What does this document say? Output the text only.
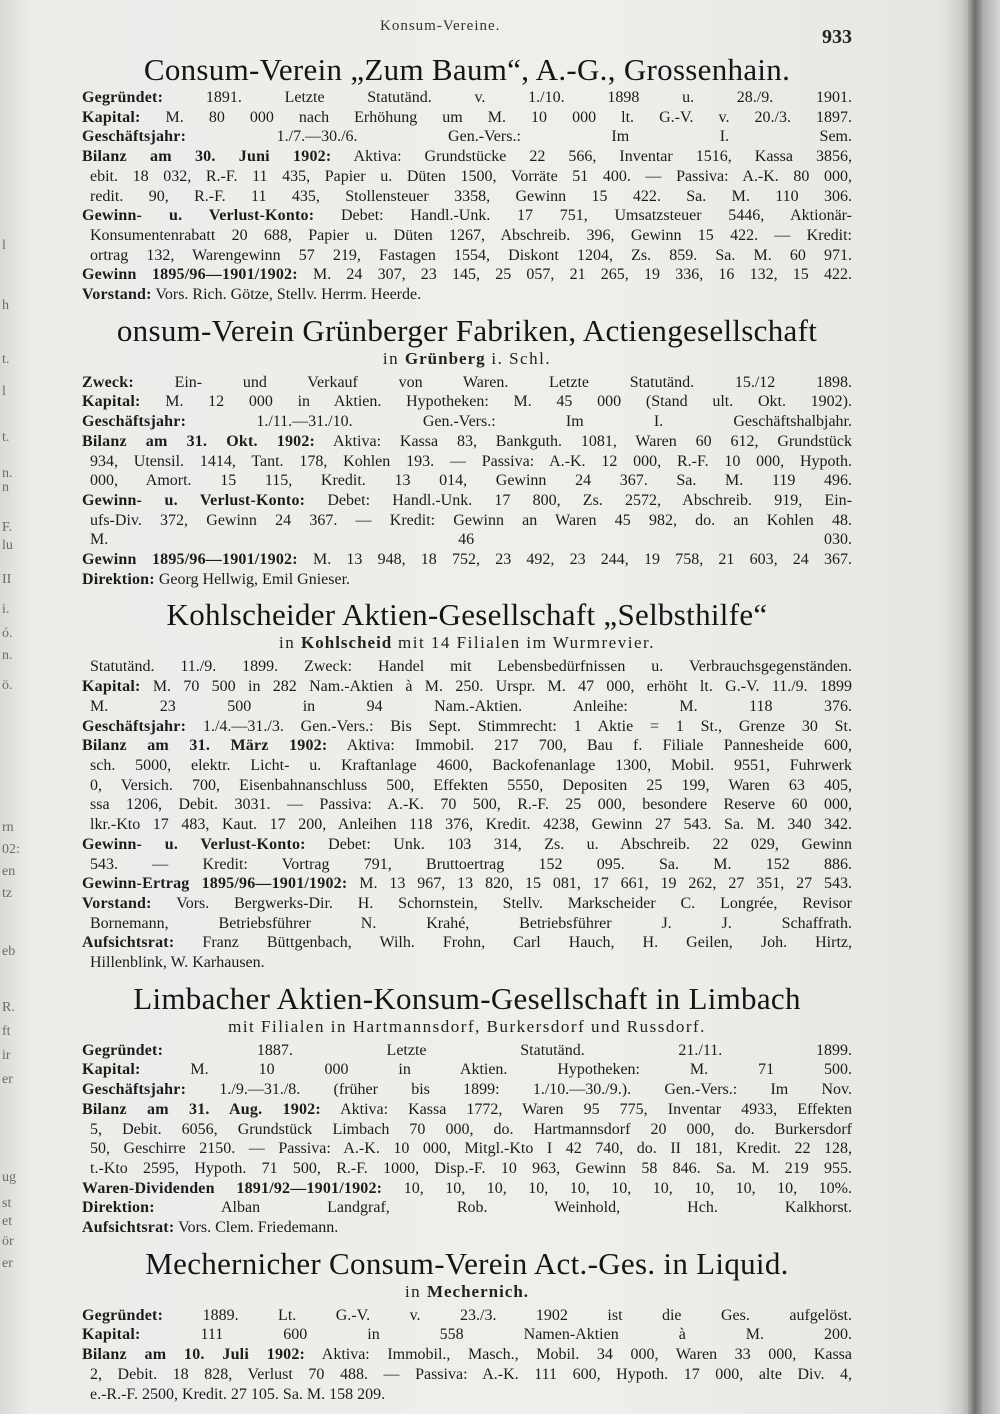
Konsum-Vereine.	933
l
h
t.
l
t.
n.
n
F.
lu
II
i.
ó.
n.
ö.
rn
02:
en
tz
eb
R.
ft
ir
er
ug
st
et
ör
er
Consum-Verein „Zum Baum“, A.-G., Grossenhain.

Gegründet: 1891. Letzte Statutänd. v. 1./10. 1898 u. 28./9. 1901.

Kapital: M. 80 000 nach Erhöhung um M. 10 000 lt. G.-V. v. 20./3. 1897.

Geschäftsjahr: 1./7.—30./6. Gen.-Vers.: Im I. Sem.

Bilanz am 30. Juni 1902: Aktiva: Grundstücke 22 566, Inventar 1516, Kassa 3856,

ebit. 18 032, R.-F. 11 435, Papier u. Düten 1500, Vorräte 51 400. — Passiva: A.-K. 80 000,

redit. 90, R.-F. 11 435, Stollensteuer 3358, Gewinn 15 422. Sa. M. 110 306.

Gewinn- u. Verlust-Konto: Debet: Handl.-Unk. 17 751, Umsatzsteuer 5446, Aktionär-

Konsumentenrabatt 20 688, Papier u. Düten 1267, Abschreib. 396, Gewinn 15 422. — Kredit:

ortrag 132, Warengewinn 57 219, Fastagen 1554, Diskont 1204, Zs. 859. Sa. M. 60 971.

Gewinn 1895/96—1901/1902: M. 24 307, 23 145, 25 057, 21 265, 19 336, 16 132, 15 422.

Vorstand: Vors. Rich. Götze, Stellv. Herrm. Heerde.

onsum-Verein Grünberger Fabriken, Actiengesellschaft
in Grünberg i. Schl.

Zweck: Ein- und Verkauf von Waren. Letzte Statutänd. 15./12 1898.

Kapital: M. 12 000 in Aktien. Hypotheken: M. 45 000 (Stand ult. Okt. 1902).

Geschäftsjahr: 1./11.—31./10. Gen.-Vers.: Im I. Geschäftshalbjahr.

Bilanz am 31. Okt. 1902: Aktiva: Kassa 83, Bankguth. 1081, Waren 60 612, Grundstück

934, Utensil. 1414, Tant. 178, Kohlen 193. — Passiva: A.-K. 12 000, R.-F. 10 000, Hypoth.

000, Amort. 15 115, Kredit. 13 014, Gewinn 24 367. Sa. M. 119 496.

Gewinn- u. Verlust-Konto: Debet: Handl.-Unk. 17 800, Zs. 2572, Abschreib. 919, Ein-

ufs-Div. 372, Gewinn 24 367. — Kredit: Gewinn an Waren 45 982, do. an Kohlen 48.

M. 46 030.

Gewinn 1895/96—1901/1902: M. 13 948, 18 752, 23 492, 23 244, 19 758, 21 603, 24 367.

Direktion: Georg Hellwig, Emil Gnieser.

Kohlscheider Aktien-Gesellschaft „Selbsthilfe“
in Kohlscheid mit 14 Filialen im Wurmrevier.

Statutänd. 11./9. 1899. Zweck: Handel mit Lebensbedürfnissen u. Verbrauchsgegenständen.

Kapital: M. 70 500 in 282 Nam.-Aktien à M. 250. Urspr. M. 47 000, erhöht lt. G.-V. 11./9. 1899

M. 23 500 in 94 Nam.-Aktien. Anleihe: M. 118 376.

Geschäftsjahr: 1./4.—31./3. Gen.-Vers.: Bis Sept. Stimmrecht: 1 Aktie = 1 St., Grenze 30 St.

Bilanz am 31. März 1902: Aktiva: Immobil. 217 700, Bau f. Filiale Pannesheide 600,

sch. 5000, elektr. Licht- u. Kraftanlage 4600, Backofenanlage 1300, Mobil. 9551, Fuhrwerk

0, Versich. 700, Eisenbahnanschluss 500, Effekten 5550, Depositen 25 199, Waren 63 405,

ssa 1206, Debit. 3031. — Passiva: A.-K. 70 500, R.-F. 25 000, besondere Reserve 60 000,

lkr.-Kto 17 483, Kaut. 17 200, Anleihen 118 376, Kredit. 4238, Gewinn 27 543. Sa. M. 340 342.

Gewinn- u. Verlust-Konto: Debet: Unk. 103 314, Zs. u. Abschreib. 22 029, Gewinn

543. — Kredit: Vortrag 791, Bruttoertrag 152 095. Sa. M. 152 886.

Gewinn-Ertrag 1895/96—1901/1902: M. 13 967, 13 820, 15 081, 17 661, 19 262, 27 351, 27 543.

Vorstand: Vors. Bergwerks-Dir. H. Schornstein, Stellv. Markscheider C. Longrée, Revisor

Bornemann, Betriebsführer N. Krahé, Betriebsführer J. J. Schaffrath.

Aufsichtsrat: Franz Büttgenbach, Wilh. Frohn, Carl Hauch, H. Geilen, Joh. Hirtz,

Hillenblink, W. Karhausen.

Limbacher Aktien-Konsum-Gesellschaft in Limbach
mit Filialen in Hartmannsdorf, Burkersdorf und Russdorf.

Gegründet: 1887. Letzte Statutänd. 21./11. 1899.

Kapital: M. 10 000 in Aktien. Hypotheken: M. 71 500.

Geschäftsjahr: 1./9.—31./8. (früher bis 1899: 1./10.—30./9.). Gen.-Vers.: Im Nov.

Bilanz am 31. Aug. 1902: Aktiva: Kassa 1772, Waren 95 775, Inventar 4933, Effekten

5, Debit. 6056, Grundstück Limbach 70 000, do. Hartmannsdorf 20 000, do. Burkersdorf

50, Geschirre 2150. — Passiva: A.-K. 10 000, Mitgl.-Kto I 42 740, do. II 181, Kredit. 22 128,

t.-Kto 2595, Hypoth. 71 500, R.-F. 1000, Disp.-F. 10 963, Gewinn 58 846. Sa. M. 219 955.

Waren-Dividenden 1891/92—1901/1902: 10, 10, 10, 10, 10, 10, 10, 10, 10, 10, 10%.

Direktion: Alban Landgraf, Rob. Weinhold, Hch. Kalkhorst.

Aufsichtsrat: Vors. Clem. Friedemann.

Mechernicher Consum-Verein Act.-Ges. in Liquid.
in Mechernich.

Gegründet: 1889. Lt. G.-V. v. 23./3. 1902 ist die Ges. aufgelöst.

Kapital: 111 600 in 558 Namen-Aktien à M. 200.

Bilanz am 10. Juli 1902: Aktiva: Immobil., Masch., Mobil. 34 000, Waren 33 000, Kassa

2, Debit. 18 828, Verlust 70 488. — Passiva: A.-K. 111 600, Hypoth. 17 000, alte Div. 4,

e.-R.-F. 2500, Kredit. 27 105. Sa. M. 158 209.
